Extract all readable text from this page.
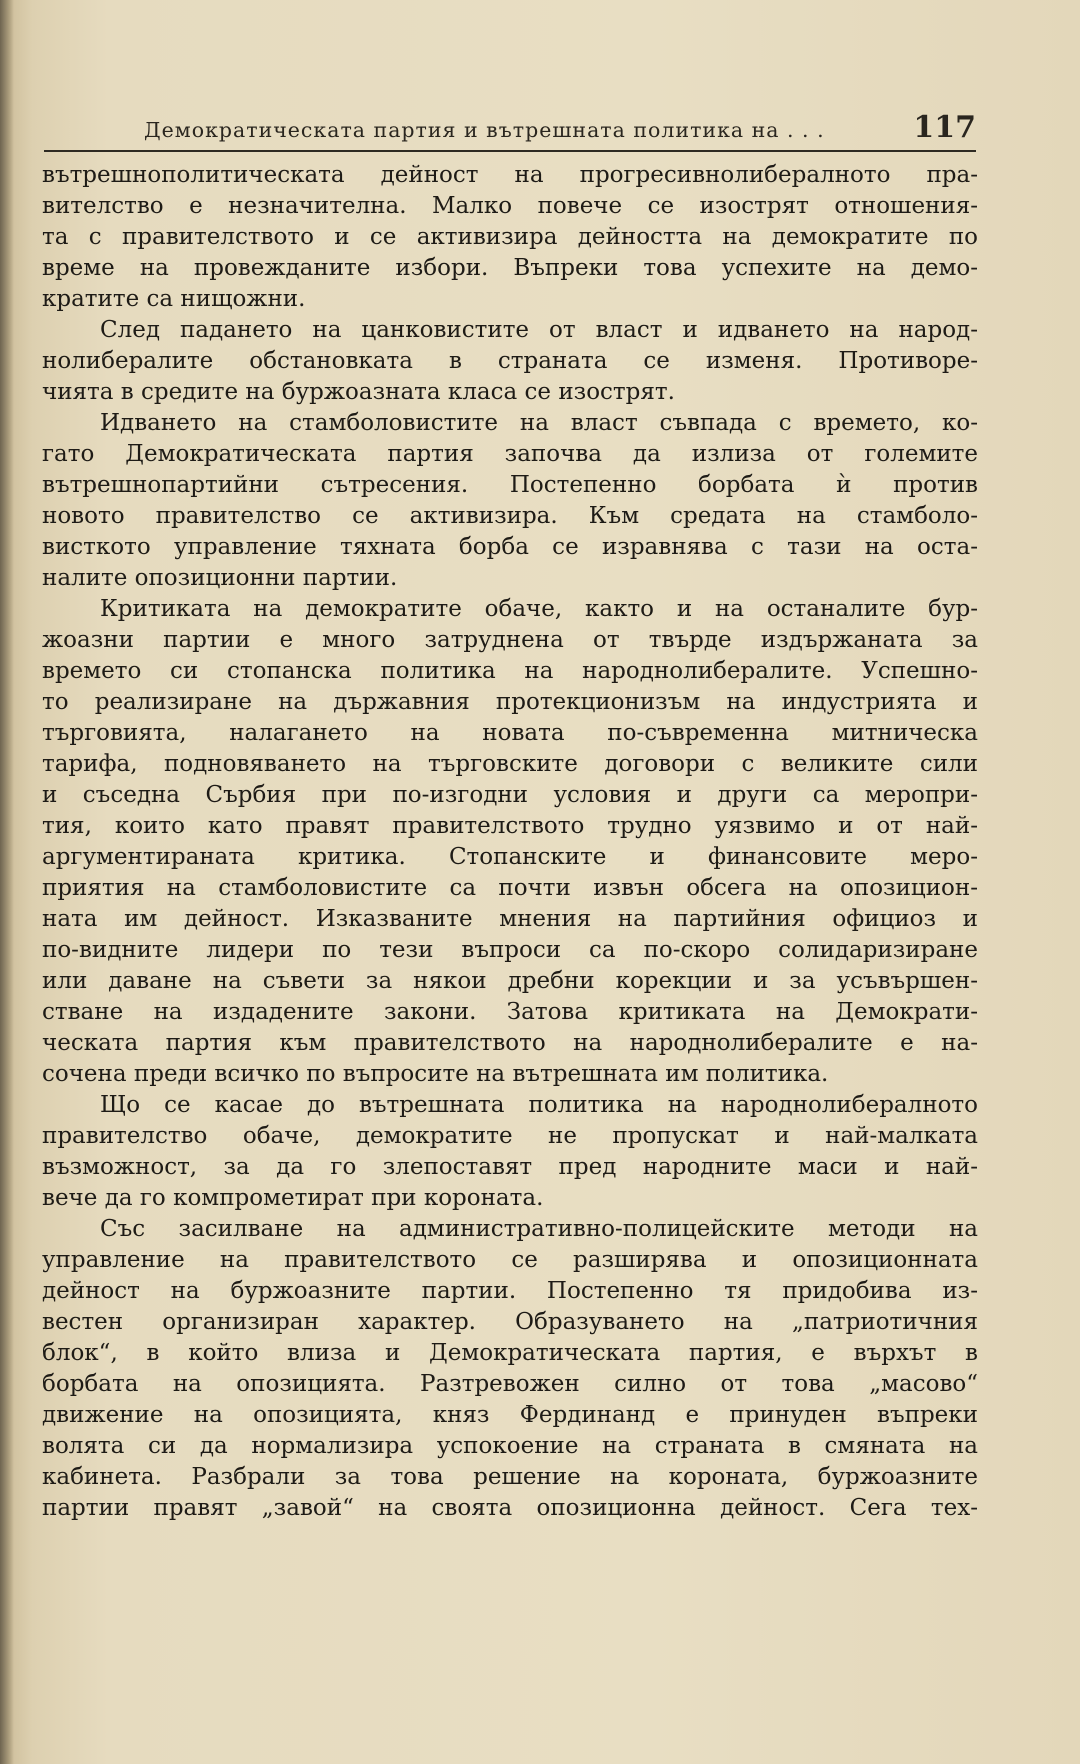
Демократическата партия и вътрешната политика на . . .	117
вътрешнополитическата дейност на прогресивнолибералното пра-
вителство е незначителна. Малко повече се изострят отношения-
та с правителството и се активизира дейността на демократите по
време на провежданите избори. Въпреки това успехите на демо-
кратите са нищожни.
След падането на цанковистите от власт и идването на народ-
нолибералите обстановката в страната се изменя. Противоре-
чията в средите на буржоазната класа се изострят.
Идването на стамболовистите на власт съвпада с времето, ко-
гато Демократическата партия започва да излиза от големите
вътрешнопартийни сътресения. Постепенно борбата ѝ против
новото правителство се активизира. Към средата на стамболо-
висткото управление тяхната борба се изравнява с тази на оста-
налите опозиционни партии.
Критиката на демократите обаче, както и на останалите бур-
жоазни партии е много затруднена от твърде издържаната за
времето си стопанска политика на народнолибералите. Успешно-
то реализиране на държавния протекционизъм на индустрията и
търговията, налагането на новата по-съвременна митническа
тарифа, подновяването на търговските договори с великите сили
и съседна Сърбия при по-изгодни условия и други са меропри-
тия, които като правят правителството трудно уязвимо и от най-
аргументираната критика. Стопанските и финансовите меро-
приятия на стамболовистите са почти извън обсега на опозицион-
ната им дейност. Изказваните мнения на партийния официоз и
по-видните лидери по тези въпроси са по-скоро солидаризиране
или даване на съвети за някои дребни корекции и за усъвършен-
стване на издадените закони. Затова критиката на Демократи-
ческата партия към правителството на народнолибералите е на-
сочена преди всичко по въпросите на вътрешната им политика.
Що се касае до вътрешната политика на народнолибералното
правителство обаче, демократите не пропускат и най-малката
възможност, за да го злепоставят пред народните маси и най-
вече да го компрометират при короната.
Със засилване на административно-полицейските методи на
управление на правителството се разширява и опозиционната
дейност на буржоазните партии. Постепенно тя придобива из-
вестен организиран характер. Образуването на „патриотичния
блок“, в който влиза и Демократическата партия, е върхът в
борбата на опозицията. Разтревожен силно от това „масово“
движение на опозицията, княз Фердинанд е принуден въпреки
волята си да нормализира успокоение на страната в смяната на
кабинета. Разбрали за това решение на короната, буржоазните
партии правят „завой“ на своята опозиционна дейност. Сега тех-
